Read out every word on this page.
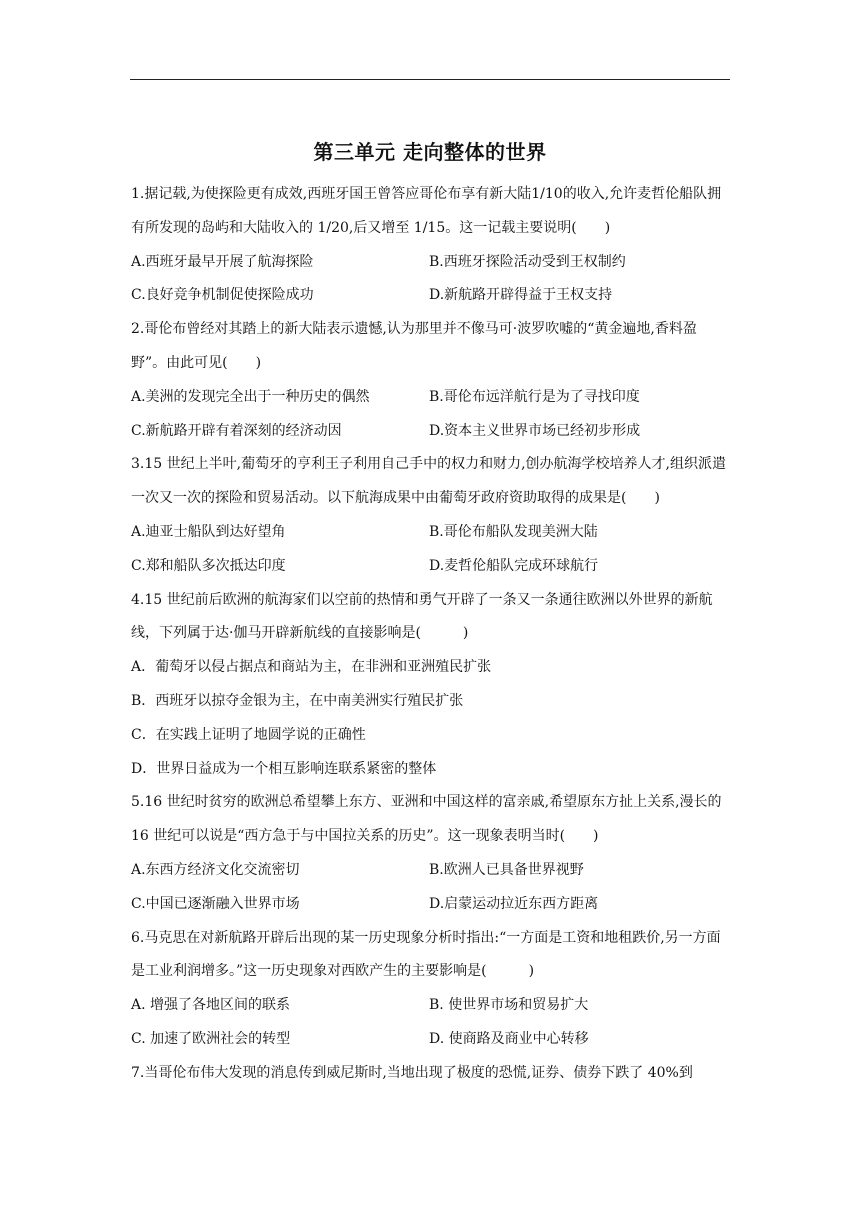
第三单元 走向整体的世界

1.据记载,为使探险更有成效,西班牙国王曾答应哥伦布享有新大陆1/10的收入,允许麦哲伦船队拥有所发现的岛屿和大陆收入的 1/20,后又增至 1/15。这一记载主要说明(　　)

A.西班牙最早开展了航海探险	B.西班牙探险活动受到王权制约
C.良好竞争机制促使探险成功	D.新航路开辟得益于王权支持

2.哥伦布曾经对其踏上的新大陆表示遗憾,认为那里并不像马可·波罗吹嘘的“黄金遍地,香料盈野”。由此可见(　　)

A.美洲的发现完全出于一种历史的偶然	B.哥伦布远洋航行是为了寻找印度
C.新航路开辟有着深刻的经济动因	D.资本主义世界市场已经初步形成

3.15 世纪上半叶,葡萄牙的亨利王子利用自己手中的权力和财力,创办航海学校培养人才,组织派遣一次又一次的探险和贸易活动。以下航海成果中由葡萄牙政府资助取得的成果是(　　)

A.迪亚士船队到达好望角	B.哥伦布船队发现美洲大陆
C.郑和船队多次抵达印度	D.麦哲伦船队完成环球航行

4.15 世纪前后欧洲的航海家们以空前的热情和勇气开辟了一条又一条通往欧洲以外世界的新航线，下列属于达·伽马开辟新航线的直接影响是(　　　)

A．葡萄牙以侵占据点和商站为主，在非洲和亚洲殖民扩张

B．西班牙以掠夺金银为主，在中南美洲实行殖民扩张

C．在实践上证明了地圆学说的正确性

D．世界日益成为一个相互影响连联系紧密的整体

5.16 世纪时贫穷的欧洲总希望攀上东方、亚洲和中国这样的富亲戚,希望原东方扯上关系,漫长的 16 世纪可以说是“西方急于与中国拉关系的历史”。这一现象表明当时(　　)

A.东西方经济文化交流密切	B.欧洲人已具备世界视野
C.中国已逐渐融入世界市场	D.启蒙运动拉近东西方距离

6.马克思在对新航路开辟后出现的某一历史现象分析时指出:“一方面是工资和地租跌价,另一方面是工业利润增多。”这一历史现象对西欧产生的主要影响是(　　　)

A. 增强了各地区间的联系	B. 使世界市场和贸易扩大
C. 加速了欧洲社会的转型	D. 使商路及商业中心转移

7.当哥伦布伟大发现的消息传到威尼斯时,当地出现了极度的恐慌,证券、债券下跌了 40%到
